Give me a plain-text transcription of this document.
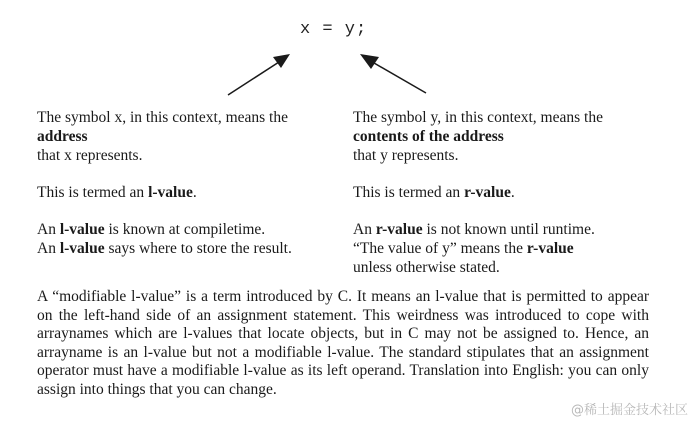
x = y;

The symbol x, in this context, means the
address
that x represents.

This is termed an l-value.

An l-value is known at compiletime.
An l-value says where to store the result.

The symbol y, in this context, means the
contents of the address
that y represents.

This is termed an r-value.

An r-value is not known until runtime.
“The value of y” means the r-value
unless otherwise stated.

A “modifiable l-value” is a term introduced by C. It means an l-value that is permitted to appear on the left-hand side of an assignment statement. This weirdness was introduced to cope with arraynames which are l-values that locate objects, but in C may not be assigned to. Hence, an arrayname is an l-value but not a modifiable l-value. The standard stipulates that an assignment operator must have a modifiable l-value as its left operand. Translation into English: you can only assign into things that you can change.

@稀土掘金技术社区
